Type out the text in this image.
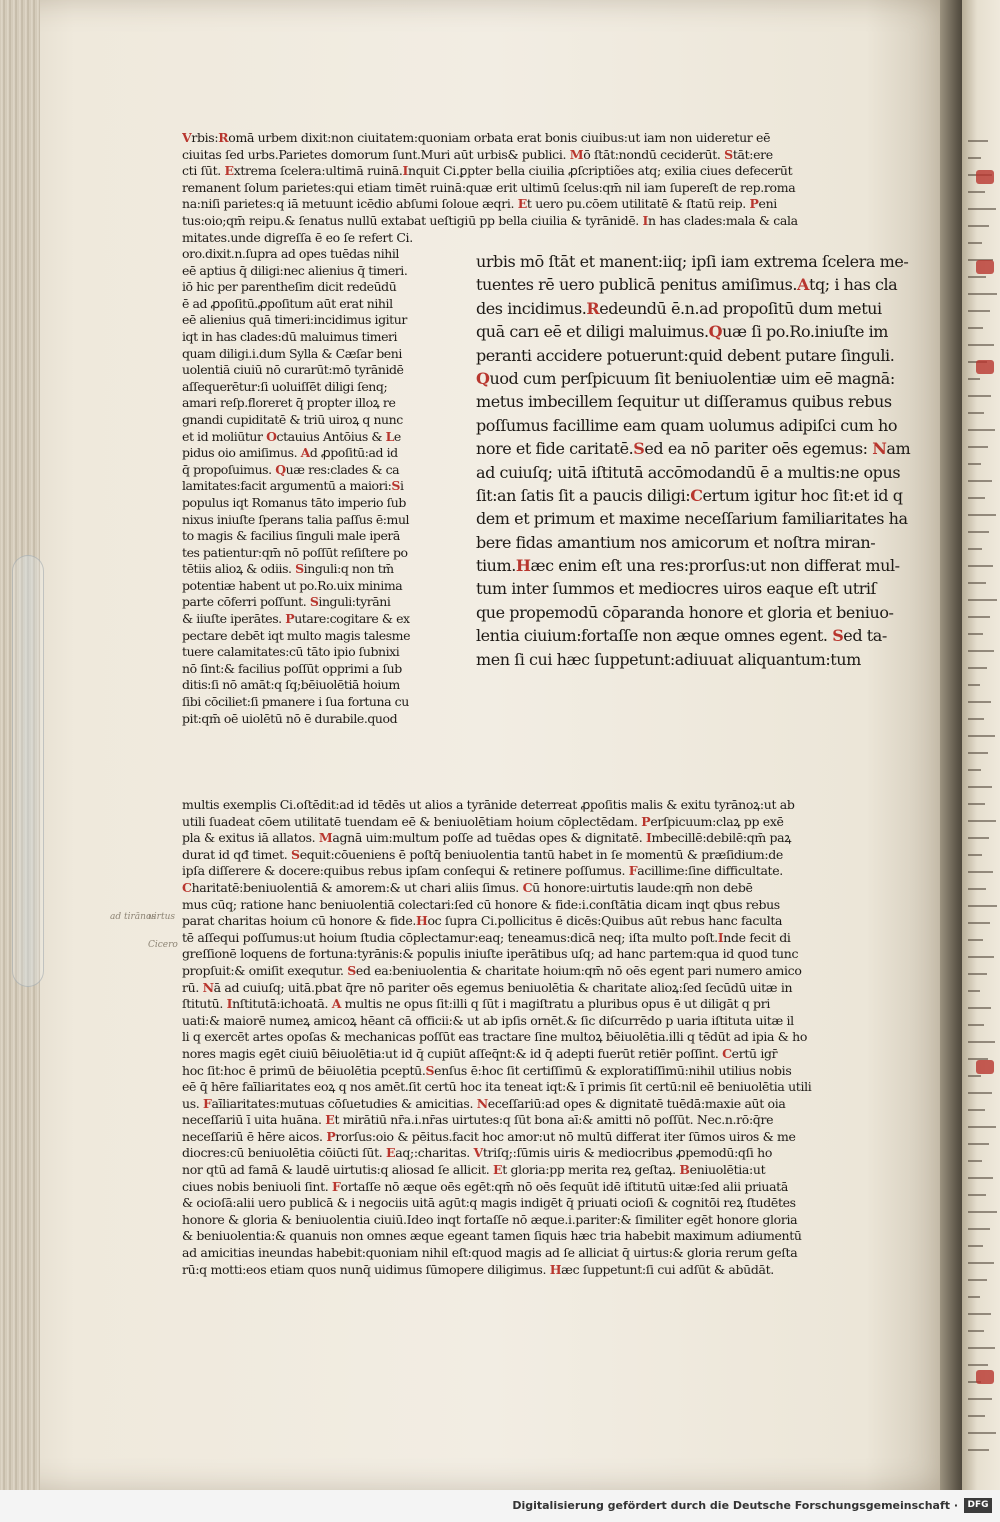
Vrbis:Romā urbem dixit:non ciuitatem:quoniam orbata erat bonis ciuibus:ut iam non uideretur eē
ciuitas ſed urbs.Parietes domorum ſunt.Muri aūt urbis& publici. Mō ſtāt:nondū ceciderūt. Stāt:ere
cti ſūt. Extrema ſcelera:ultimā ruinā.Inquit Ci.ꝑpter bella ciuilia ꝓſcriptiões atq; exilia ciues defecerūt
remanent ſolum parietes:qui etiam timēt ruinā:quæ erit ultimū ſcelus:qm̄ nil iam ſupereſt de rep.roma
na:niſi parietes:q iā metuunt icēdio abſumi ſoloue æqri. Et uero pu.cōem utilitatē & ſtatū reip. Peni
tus:oio;qm̄ reipu.& ſenatus nullū extabat ueſtigiū pp bella ciuilia & tyrānidē. In has clades:mala & cala
mitates.unde digreſſa ē eo ſe refert Ci.
oro.dixit.n.ſupra ad opes tuēdas nihil
eē aptius q̄ diligi:nec alienius q̄ timeri.
iō hic per parentheſim dicit redeūdū
ē ad ꝓpoſitū.ꝓpoſitum aūt erat nihil
eē alienius quā timeri:incidimus igitur
iqt in has clades:dū maluimus timeri
quam diligi.i.dum Sylla & Cæſar beni
uolentiā ciuiū nō curarūt:mō tyrānidē
aſſequerētur:ſi uoluiſſēt diligi ſenq;
amari reſp.floreret q̄ propter illoꝝ re
gnandi cupiditatē & triū uiroꝝ q nunc
et id moliūtur Octauius Antōius & Le
pidus oio amiſimus. Ad ꝓpoſitū:ad id
q̄ propoſuimus. Quæ res:clades & ca
lamitates:facit argumentū a maiori:Si
populus iqt Romanus tāto imperio ſub
nixus iniuſte ſperans talia paſſus ē:mul
to magis & facilius ſinguli male iperā
tes patientur:qm̄ nō poſſūt reſiſtere po
tētiis alioꝝ & odiis. Singuli:q non tm̄
potentiæ habent ut po.Ro.uix minima
parte cōferri poſſunt. Singuli:tyrāni
& iiuſte iperātes. Putare:cogitare & ex
pectare debēt iqt multo magis talesme
tuere calamitates:cū tāto ipio ſubnixi
nō ſint:& facilius poſſūt opprimi a ſub
ditis:ſi nō amāt:q ſq;bēiuolētiā hoium
ſibi cōciliet:ſi pmanere i ſua fortuna cu
pit:qm̄ oē uiolētū nō ē durabile.quod
urbis mō ſtāt et manent:iiq; ipſi iam extrema ſcelera me-
tuentes rē uero publicā penitus amiſimus.Atq; i has cla
des incidimus.Redeundū ē.n.ad propoſitū dum metui
quā carı eē et diligi maluimus.Quæ ſi po.Ro.iniuſte im
peranti accidere potuerunt:quid debent putare ſinguli.
Quod cum perſpicuum ſit beniuolentiæ uim eē magnā:
metus imbecillem ſequitur ut diſſeramus quibus rebus
poſſumus facillime eam quam uolumus adipiſci cum ho
nore et fide caritatē.Sed ea nō pariter oēs egemus: Nam
ad cuiuſq; uitā iſtitutā accōmodandū ē a multis:ne opus
ſit:an ſatis ſit a paucis diligi:Certum igitur hoc ſit:et id q
dem et primum et maxime neceſſarium familiaritates ha
bere fidas amantium nos amicorum et noſtra miran-
tium.Hæc enim eſt una res:prorſus:ut non differat mul-
tum inter ſummos et mediocres uiros eaque eſt utriſ
que propemodū cōparanda honore et gloria et beniuo-
lentia ciuium:fortaſſe non æque omnes egent. Sed ta-
men ſi cui hæc ſuppetunt:adiuuat aliquantum:tum
multis exemplis Ci.oſtēdit:ad id tēdēs ut alios a tyrānide deterreat ꝓpoſitis malis & exitu tyrānoꝝ:ut ab
utili ſuadeat cōem utilitatē tuendam eē & beniuolētiam hoium cōplectēdam. Perſpicuum:claꝝ pp exē
pla & exitus iā allatos. Magnā uim:multum poſſe ad tuēdas opes & dignitatē. Imbecillē:debilē:qm̄ paꝝ
durat id qđ timet. Sequit:cōueniens ē poſtq̄ beniuolentia tantū habet in ſe momentū & præſidium:de
ipſa diſſerere & docere:quibus rebus ipſam conſequi & retinere poſſumus. Facillime:ſine difficultate.
Charitatē:beniuolentiā & amorem:& ut chari aliis ſimus. Cū honore:uirtutis laude:qm̄ non debē
mus cūq; ratione hanc beniuolentiā colectari:ſed cū honore & fide:i.conſtātia dicam inqt qbus rebus
parat charitas hoium cū honore & fide.Hoc ſupra Ci.pollicitus ē dicēs:Quibus aūt rebus hanc faculta
tē aſſequi poſſumus:ut hoium ſtudia cōplectamur:eaq; teneamus:dicā neq; iſta multo poſt.Inde fecit di
greſſionē loquens de fortuna:tyrānis:& populis iniuſte iperātibus uſq; ad hanc partem:qua id quod tunc
propſuit:& omiſit exequtur. Sed ea:beniuolentia & charitate hoium:qm̄ nō oēs egent pari numero amico
rū. Nā ad cuiuſq; uitā.pbat q̄re nō pariter oēs egemus beniuolētia & charitate alioꝝ:ſed ſecūdū uitæ in
ſtitutū. Inſtitutā:ichoatā. A multis ne opus ſit:illi q ſūt i magiſtratu a pluribus opus ē ut diligāt q pri
uati:& maiorē numeꝝ amicoꝝ hēant cā officii:& ut ab ipſis ornēt.& ſic diſcurrēdo p uaria iſtituta uitæ il
li q exercēt artes opoſas & mechanicas poſſūt eas tractare ſine multoꝝ bēiuolētia.illi q tēdūt ad ipia & ho
nores magis egēt ciuiū bēiuolētia:ut id q̄ cupiūt aſſeq̄nt:& id q̄ adepti fuerūt retiēr poſſint. Certū igr̄
hoc ſit:hoc ē primū de bēiuolētia pceptū.Senſus ē:hoc ſit certiſſimū & exploratiſſimū:nihil utilius nobis
eē q̄ hēre faīliaritates eoꝝ q nos amēt.ſit certū hoc ita teneat iqt:& ī primis ſit certū:nil eē beniuolētia utili
us. Faīliaritates:mutuas cōſuetudies & amicitias. Neceſſariū:ad opes & dignitatē tuēdā:maxie aūt oia
neceſſariū ī uita huāna. Et mirātiū nr̄a.i.nr̄as uirtutes:q ſūt bona aī:& amitti nō poſſūt. Nec.n.rō:q̄re
neceſſariū ē hēre aicos. Prorſus:oio & pēitus.facit hoc amor:ut nō multū differat iter ſūmos uiros & me
diocres:cū beniuolētia cōiūcti ſūt. Eaq;:charitas. Vtriſq;:ſūmis uiris & mediocribus ꝓpemodū:qſi ho
nor qtū ad famā & laudē uirtutis:q aliosad ſe allicit. Et gloria:pp merita reꝝ geſtaꝝ. Beniuolētia:ut
ciues nobis beniuoli ſint. Fortaſſe nō æque oēs egēt:qm̄ nō oēs ſequūt idē iſtitutū uitæ:ſed alii priuatā
& ocioſā:alii uero publicā & i negociis uitā agūt:q magis indigēt q̄ priuati ocioſi & cognitōi reꝝ ſtudētes
honore & gloria & beniuolentia ciuiū.Ideo inqt fortaſſe nō æque.i.pariter:& ſimiliter egēt honore gloria
& beniuolentia:& quanuis non omnes æque egeant tamen ſiquis hæc tria habebit maximum adiumentū
ad amicitias ineundas habebit:quoniam nihil eſt:quod magis ad ſe alliciat q̄ uirtus:& gloria rerum geſta
rū:q motti:eos etiam quos nunq̄ uidimus ſūmopere diligimus. Hæc ſuppetunt:ſi cui adſūt & abūdāt.
ad tirānos
uirtus
Cicero
Digitalisierung gefördert durch die Deutsche Forschungsgemeinschaft ·	DFG
